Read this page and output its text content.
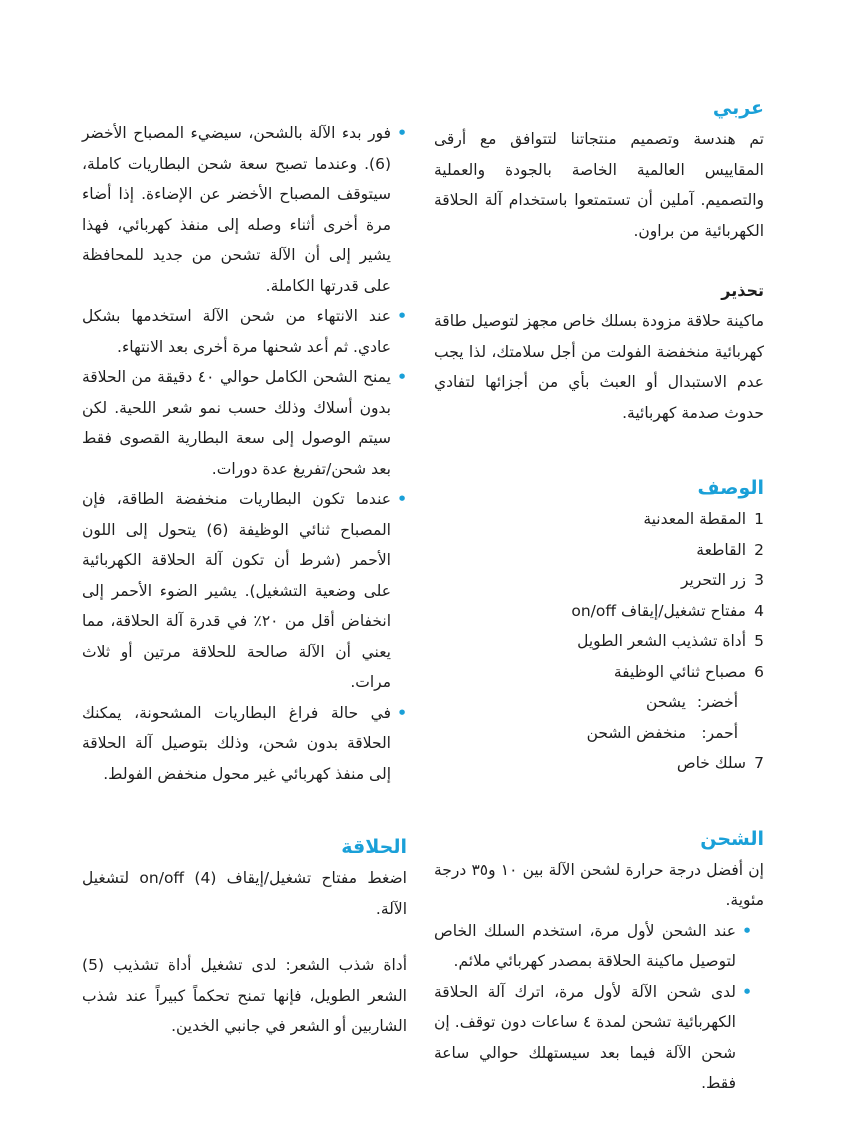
عربي

تم هندسة وتصميم منتجاتنا لتتوافق مع أرقى المقاييس العالمية الخاصة بالجودة والعملية والتصميم. آملين أن تستمتعوا باستخدام آلة الحلاقة الكهربائية من براون.

تحذير

ماكينة حلاقة مزودة بسلك خاص مجهز لتوصيل طاقة كهربائية منخفضة الفولت من أجل سلامتك، لذا يجب عدم الاستبدال أو العبث بأي من أجزائها لتفادي حدوث صدمة كهربائية.

الوصف
1
المقطة المعدنية
2
القاطعة
3
زر التحرير
4
مفتاح تشغيل/إيقاف on/off
5
أداة تشذيب الشعر الطويل
6
مصباح ثنائي الوظيفة
أخضر:
يشحن
أحمر:
منخفض الشحن
7
سلك خاص
الشحن

إن أفضل درجة حرارة لشحن الآلة بين ١٠ و٣٥ درجة مئوية.

• عند الشحن لأول مرة، استخدم السلك الخاص لتوصيل ماكينة الحلاقة بمصدر كهربائي ملائم.
• لدى شحن الآلة لأول مرة، اترك آلة الحلاقة الكهربائية تشحن لمدة ٤ ساعات دون توقف. إن شحن الآلة فيما بعد سيستهلك حوالي ساعة فقط.
• فور بدء الآلة بالشحن، سيضيء المصباح الأخضر (6). وعندما تصبح سعة شحن البطاريات كاملة، سيتوقف المصباح الأخضر عن الإضاءة. إذا أضاء مرة أخرى أثناء وصله إلى منفذ كهربائي، فهذا يشير إلى أن الآلة تشحن من جديد للمحافظة على قدرتها الكاملة.
• عند الانتهاء من شحن الآلة استخدمها بشكل عادي. ثم أعد شحنها مرة أخرى بعد الانتهاء.
• يمنح الشحن الكامل حوالي ٤٠ دقيقة من الحلاقة بدون أسلاك وذلك حسب نمو شعر اللحية. لكن سيتم الوصول إلى سعة البطارية القصوى فقط بعد شحن/تفريغ عدة دورات.
• عندما تكون البطاريات منخفضة الطاقة، فإن المصباح ثنائي الوظيفة (6) يتحول إلى اللون الأحمر (شرط أن تكون آلة الحلاقة الكهربائية على وضعية التشغيل). يشير الضوء الأحمر إلى انخفاض أقل من ٢٠٪ في قدرة آلة الحلاقة، مما يعني أن الآلة صالحة للحلاقة مرتين أو ثلاث مرات.
• في حالة فراغ البطاريات المشحونة، يمكنك الحلاقة بدون شحن، وذلك بتوصيل آلة الحلاقة إلى منفذ كهربائي غير محول منخفض الفولط.
الحلاقة

اضغط مفتاح تشغيل/إيقاف on/off (4) لتشغيل الآلة.

أداة شذب الشعر: لدى تشغيل أداة تشذيب (5) الشعر الطويل، فإنها تمنح تحكماً كبيراً عند شذب الشاربين أو الشعر في جانبي الخدين.
